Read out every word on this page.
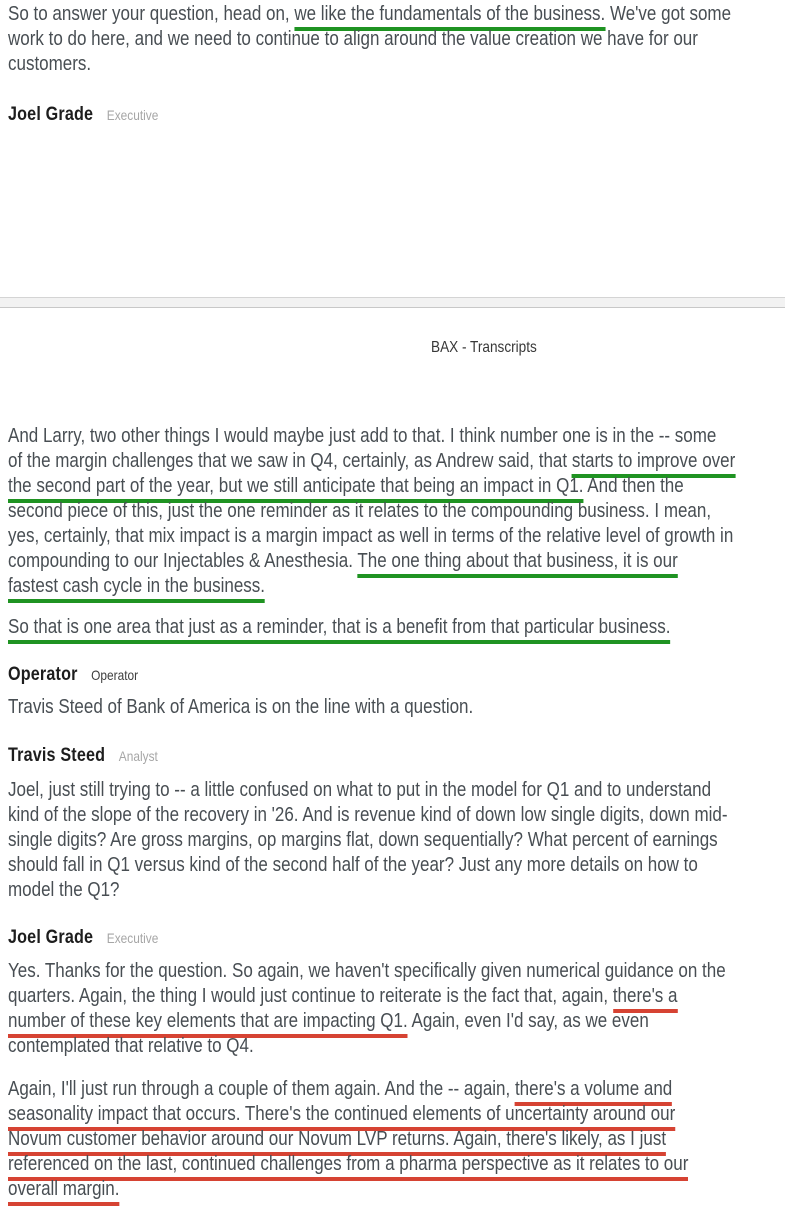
So to answer your question, head on, we like the fundamentals of the business. We've got some
work to do here, and we need to continue to align around the value creation we have for our
customers.
Joel Grade Executive
BAX - Transcripts
And Larry, two other things I would maybe just add to that. I think number one is in the -- some
of the margin challenges that we saw in Q4, certainly, as Andrew said, that starts to improve over
the second part of the year, but we still anticipate that being an impact in Q1. And then the
second piece of this, just the one reminder as it relates to the compounding business. I mean,
yes, certainly, that mix impact is a margin impact as well in terms of the relative level of growth in
compounding to our Injectables & Anesthesia. The one thing about that business, it is our
fastest cash cycle in the business.
So that is one area that just as a reminder, that is a benefit from that particular business.
Operator Operator
Travis Steed of Bank of America is on the line with a question.
Travis Steed Analyst
Joel, just still trying to -- a little confused on what to put in the model for Q1 and to understand
kind of the slope of the recovery in '26. And is revenue kind of down low single digits, down mid-
single digits? Are gross margins, op margins flat, down sequentially? What percent of earnings
should fall in Q1 versus kind of the second half of the year? Just any more details on how to
model the Q1?
Joel Grade Executive
Yes. Thanks for the question. So again, we haven't specifically given numerical guidance on the
quarters. Again, the thing I would just continue to reiterate is the fact that, again, there's a
number of these key elements that are impacting Q1. Again, even I'd say, as we even
contemplated that relative to Q4.
Again, I'll just run through a couple of them again. And the -- again, there's a volume and
seasonality impact that occurs. There's the continued elements of uncertainty around our
Novum customer behavior around our Novum LVP returns. Again, there's likely, as I just
referenced on the last, continued challenges from a pharma perspective as it relates to our
overall margin.
